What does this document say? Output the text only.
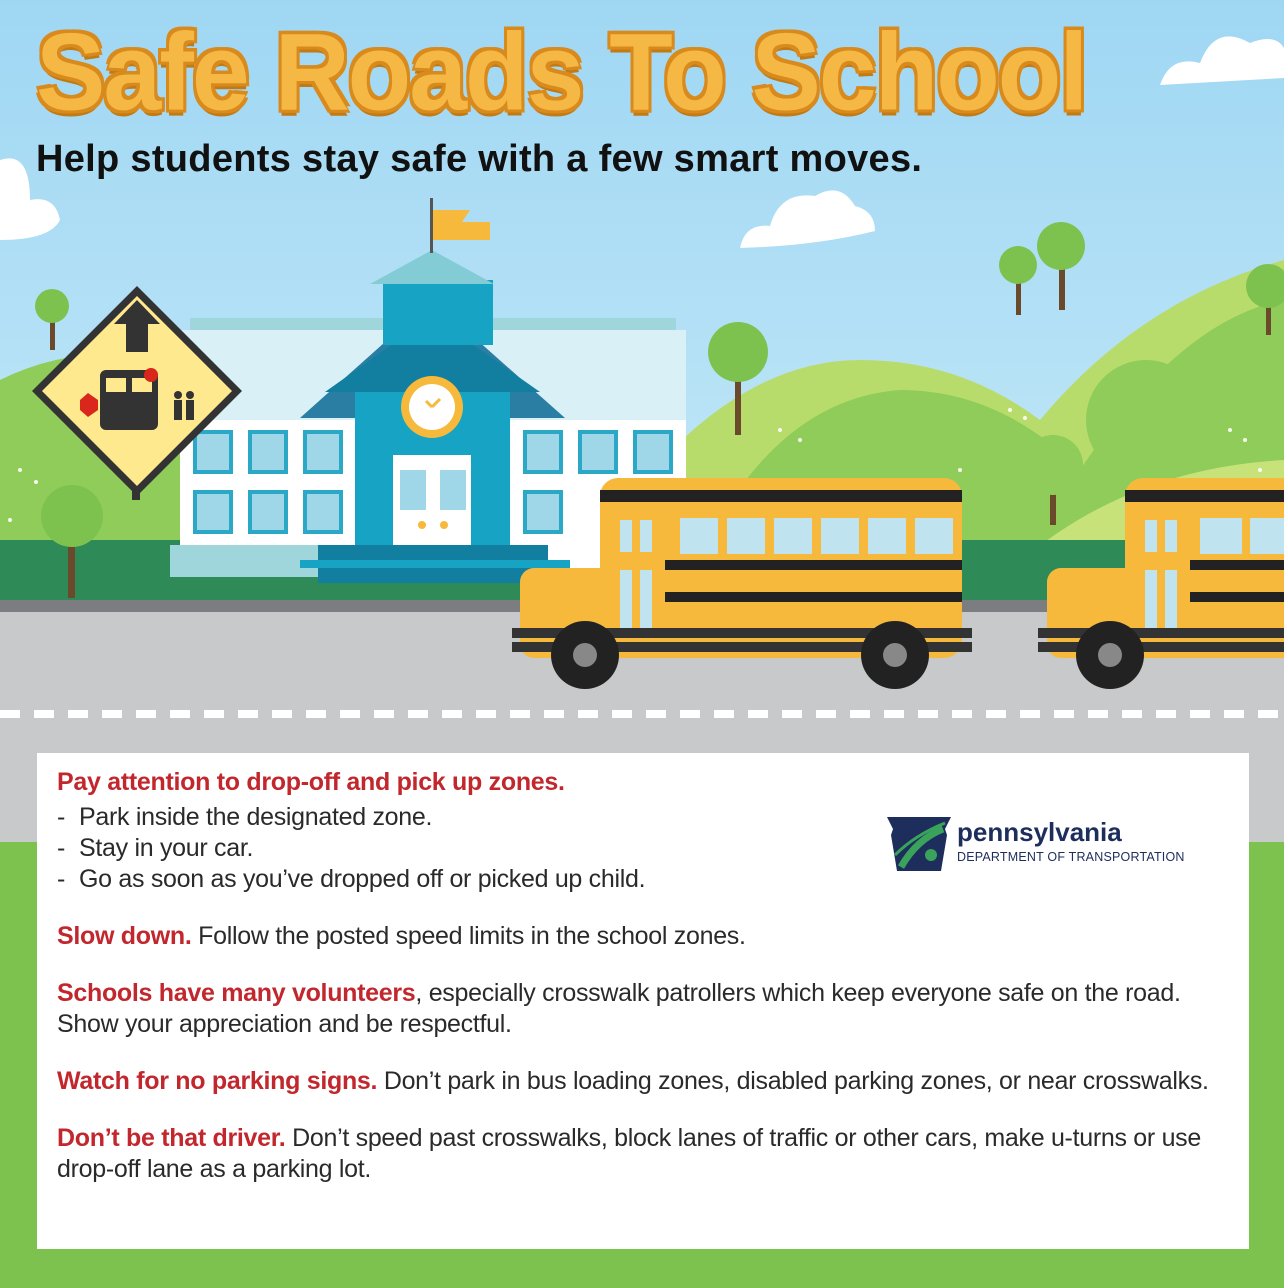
Safe Roads To School
Help students stay safe with a few smart moves.
Pay attention to drop-off and pick up zones.
- Park inside the designated zone.
- Stay in your car.
- Go as soon as you’ve dropped off or picked up child.

Slow down. Follow the posted speed limits in the school zones.

Schools have many volunteers, especially crosswalk patrollers which keep everyone safe on the road. Show your appreciation and be respectful.

Watch for no parking signs. Don’t park in bus loading zones, disabled parking zones, or near crosswalks.

Don’t be that driver. Don’t speed past crosswalks, block lanes of traffic or other cars, make u-turns or use drop-off lane as a parking lot.

pennsylvania
DEPARTMENT OF TRANSPORTATION
